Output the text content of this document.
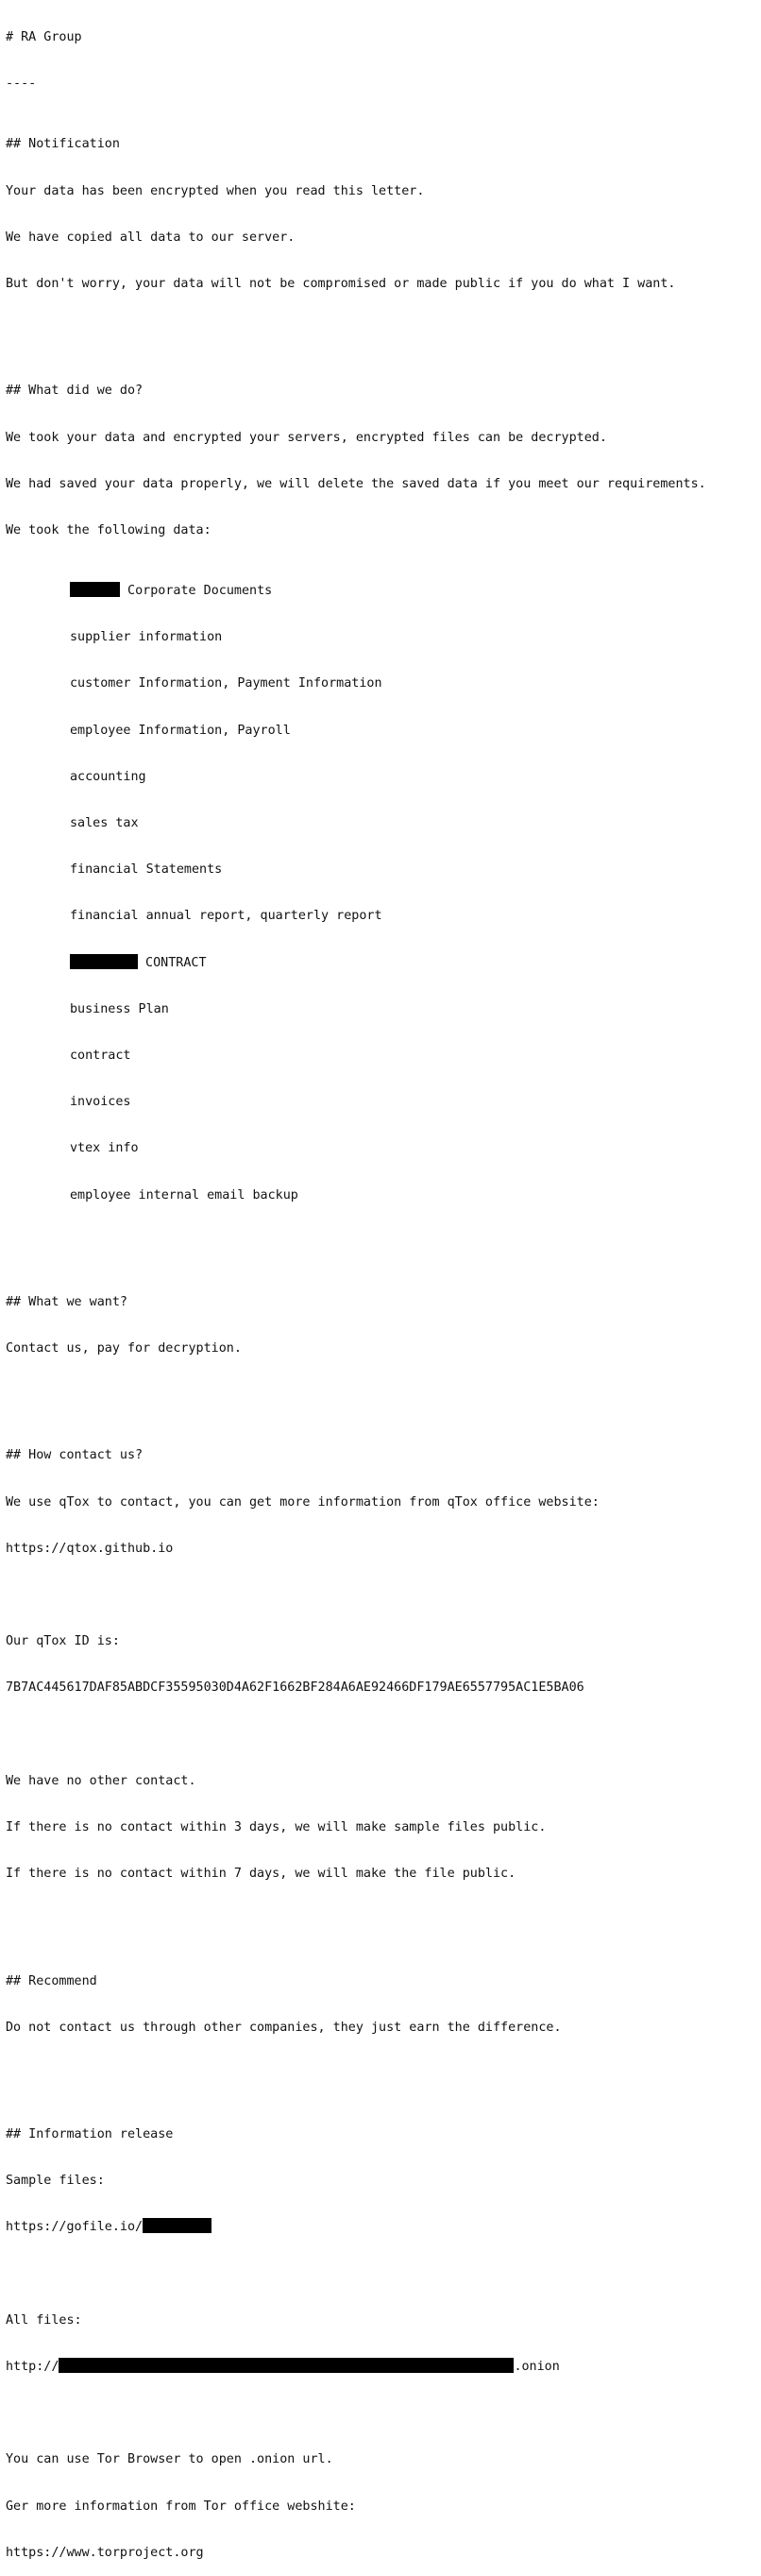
# RA Group

----

## Notification

Your data has been encrypted when you read this letter.

We have copied all data to our server.

But don't worry, your data will not be compromised or made public if you do what I want.

## What did we do?

We took your data and encrypted your servers, encrypted files can be decrypted.

We had saved your data properly, we will delete the saved data if you meet our requirements.

We took the following data:

Corporate Documents

supplier information

customer Information, Payment Information

employee Information, Payroll

accounting

sales tax

financial Statements

financial annual report, quarterly report

CONTRACT

business Plan

contract

invoices

vtex info

employee internal email backup

## What we want?

Contact us, pay for decryption.

## How contact us?

We use qTox to contact, you can get more information from qTox office website:

https://qtox.github.io

Our qTox ID is:

7B7AC445617DAF85ABDCF35595030D4A62F1662BF284A6AE92466DF179AE6557795AC1E5BA06

We have no other contact.

If there is no contact within 3 days, we will make sample files public.

If there is no contact within 7 days, we will make the file public.

## Recommend

Do not contact us through other companies, they just earn the difference.

## Information release

Sample files:

https://gofile.io/

All files:

http://	.onion

You can use Tor Browser to open .onion url.

Ger more information from Tor office webshite:

https://www.torproject.org
